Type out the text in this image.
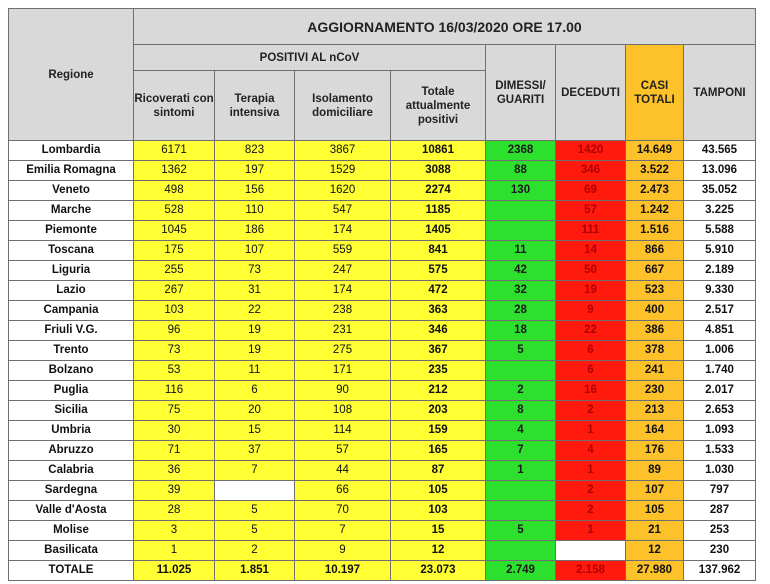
Regione	AGGIORNAMENTO 16/03/2020 ORE 17.00							
	POSITIVI AL nCoV				DIMESSI/ GUARITI	DECEDUTI	CASI TOTALI	TAMPONI
	Ricoverati con sintomi	Terapia intensiva	Isolamento domiciliare	Totale attualmente positivi				
Lombardia	6171	823	3867	10861	2368	1420	14.649	43.565
Emilia Romagna	1362	197	1529	3088	88	346	3.522	13.096
Veneto	498	156	1620	2274	130	69	2.473	35.052
Marche	528	110	547	1185		57	1.242	3.225
Piemonte	1045	186	174	1405		111	1.516	5.588
Toscana	175	107	559	841	11	14	866	5.910
Liguria	255	73	247	575	42	50	667	2.189
Lazio	267	31	174	472	32	19	523	9.330
Campania	103	22	238	363	28	9	400	2.517
Friuli V.G.	96	19	231	346	18	22	386	4.851
Trento	73	19	275	367	5	6	378	1.006
Bolzano	53	11	171	235		6	241	1.740
Puglia	116	6	90	212	2	16	230	2.017
Sicilia	75	20	108	203	8	2	213	2.653
Umbria	30	15	114	159	4	1	164	1.093
Abruzzo	71	37	57	165	7	4	176	1.533
Calabria	36	7	44	87	1	1	89	1.030
Sardegna	39		66	105		2	107	797
Valle d'Aosta	28	5	70	103		2	105	287
Molise	3	5	7	15	5	1	21	253
Basilicata	1	2	9	12			12	230
TOTALE	11.025	1.851	10.197	23.073	2.749	2.158	27.980	137.962
